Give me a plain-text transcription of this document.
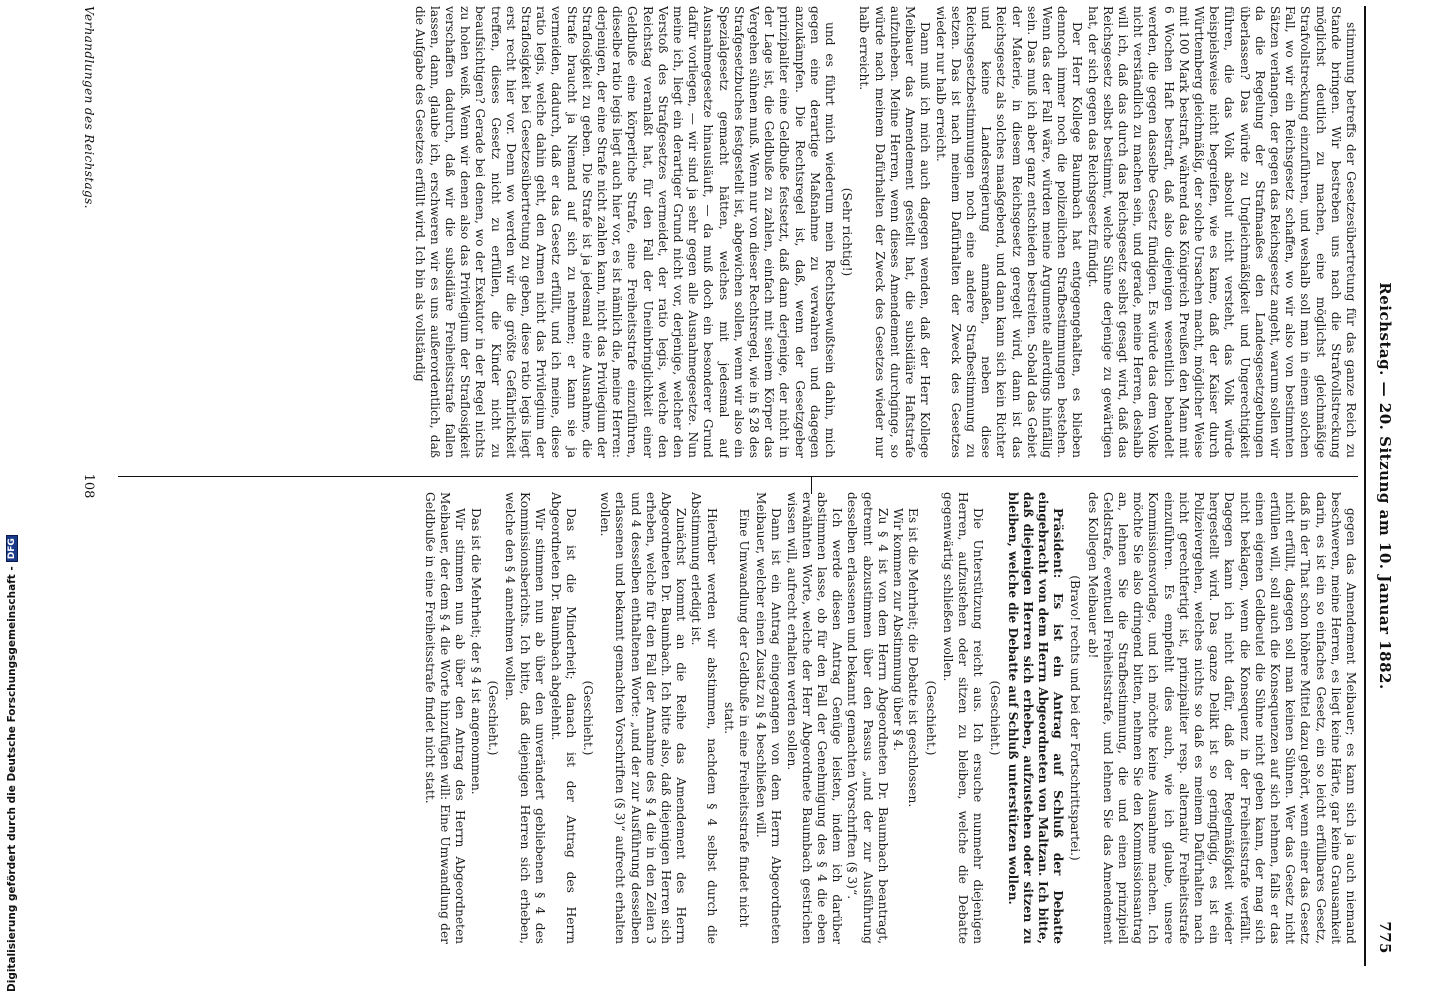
Reichstag. — 20. Sitzung am 10. Januar 1882.
775

stimmung betreffs der Gesetzesübertretung für das ganze Reich zu Stande bringen. Wir bestreben uns nach die Strafvollstreckung möglichst deutlich zu machen, eine möglichst gleichmäßige Strafvollstreckung einzuführen, und weshalb soll man in einem solchen Fall, wo wir ein Reichsgesetz schaffen, wo wir also von bestimmten Sätzen verlangen, der gegen das Reichsgesetz angeht, warum sollen wir da die Regelung der Strafmaaßes den Landesgesetzgebungen überlassen? Das würde zu Ungleichmäßigkeit und Ungerechtigkeit führen, die das Volk absolut nicht versteht, das Volk würde beispielsweise nicht begreifen, wie es kame, daß der Kaiser durch Württemberg gleichmäßig, der solche Ursachen macht, möglicher Weise mit 100 Mark bestraft, während das Königreich Preußen den Mann mit 6 Wochen Haft bestraft, daß also diejenigen wesentlich behandelt werden, die gegen dasselbe Gesetz fündigen. Es würde das dem Volke nicht verständlich zu machen sein, und gerade, meine Herren, deshalb will ich, daß das durch das Reichsgesetz selbst gesagt wird, daß das Reichsgesetz selbst bestimmt, welche Sühne derjenige zu gewärtigen hat, der sich gegen das Reichsgesetz fündigt.

Der Herr Kollege Baumbach hat entgegengehalten, es blieben dennoch immer noch die polizeilichen Strafbestimmungen bestehen. Wenn das der Fall wäre, würden meine Argumente allerdings hinfällig sein. Das muß ich aber ganz entschieden bestreiten. Sobald das Gebiet der Materie, in diesem Reichsgesetz geregelt wird, dann ist das Reichsgesetz als solches maaßgebend, und dann kann sich kein Richter und keine Landesregierung anmaßen, neben diese Reichsgesetzbestimmungen noch eine andere Strafbestimmung zu setzen. Das ist nach meinem Dafürhalten der Zweck des Gesetzes wieder nur halb erreicht.

Dann muß ich mich auch dagegen wenden, daß der Herr Kollege Meibauer das Amendement gestellt hat, die subsidiäre Haftstrafe aufzuheben. Meine Herren, wenn dieses Amendement durchginge, so würde nach meinem Dafürhalten der Zweck des Gesetzes wieder nur halb erreicht.

(Sehr richtig!)

und es führt mich wiederum mein Rechtsbewußtsein dahin, mich gegen eine derartige Maßnahme zu verwahren und dagegen anzukämpfen. Die Rechtsregel ist, daß, wenn der Gesetzgeber prinzipaliter eine Geldbuße festsetzt, daß dann derjenige, der nicht in der Lage ist, die Geldbuße zu zahlen, einfach mit seinem Körper das Vergehen sühnen muß. Wenn nur von dieser Rechtsregel, wie in § 28 des Strafgesetzbuches festgestellt ist, abgewichen sollen, wenn wir also ein Spezialgesetz gemacht hätten, welches mit jedesmal auf Ausnahmegesetze hinausläuft, — da muß doch ein besonderer Grund dafür vorliegen, — wir sind ja sehr gegen alle Ausnahmegesetze. Nun meine ich, liegt ein derartiger Grund nicht vor, derjenige, welcher den Verstoß des Strafgesetzes vermeidet, der ratio legis, welche den Reichstag veranlaßt hat, für den Fall der Uneinbringlichkeit einer Geldbuße eine körperliche Strafe, eine Freiheitsstrafe einzuführen, dieselbe ratio legis liegt auch hier vor, es ist nämlich die, meine Herren: derjenigen, der eine Strafe nicht zahlen kann, nicht das Privilegium der Straflosigkeit zu geben. Die Strafe ist ja jedesmal eine Ausnahme, die Strafe braucht ja Niemand auf sich zu nehmen; er kann sie ja vermeiden, dadurch, daß er das Gesetz erfüllt, und ich meine, diese ratio legis, welche dahin geht, den Armen nicht das Privilegium der Straflosigkeit bei Gesetzesübertretung zu geben, diese ratio legis liegt erst recht hier vor. Denn wo werden wir die größte Gefährlichkeit treffen, dieses Gesetz nicht zu erfüllen, die Kinder nicht zu beaufsichtigen? Gerade bei denen, wo der Exekutor in der Regel nichts zu holen weiß. Wenn wir denen also das Privilegium der Straflosigkeit verschaffen dadurch, daß wir die subsidiäre Freiheitsstrafe fallen lassen, dann, glaube ich, erschweren wir es uns außerordentlich, daß die Aufgabe des Gesetzes erfüllt wird. Ich bin als vollständig

gegen das Amendement Meibauer; es kann sich ja auch niemand beschweren, meine Herren, es liegt keine Härte, gar keine Grausamkeit darin, es ist ein so einfaches Gesetz, ein so leicht erfüllbares Gesetz, daß in der That schon höhere Mittel dazu gehört, wenn einer das Gesetz nicht erfüllt, dagegen soll man keinen Sühnen. Wer das Gesetz nicht erfüllen will, soll auch die Konsequenzen auf sich nehmen, falls er das einen eigenen Geldbeutel die Sühne nicht geben kann, der mag sich nicht beklagen, wenn die Konsequenz in der Freiheitsstrafe verfällt. Dagegen kann ich nicht dafür, daß der Regelmäßigkeit wieder hergestellt wird. Das ganze Delikt ist so geringfügig, es ist ein Polizeivergehen, welches nichts so daß es meinem Dafürhalten nach nicht gerechtfertigt ist, prinzipaliter resp. alternativ Freiheitsstrafe einzuführen. Es empfiehlt dies auch, wie ich glaube, unsere Kommissionsvorlage, und ich möchte keine Ausnahme machen. Ich möchte Sie also dringend bitten, nehmen Sie den Kommissionsantrag an, lehnen Sie die Strafbestimmung, die und einen prinzipiell Geldstrafe, eventuell Freiheitsstrafe, und lehnen Sie das Amendement des Kollegen Meibauer ab!

(Bravo! rechts und bei der Fortschrittspartei.)

Präsident: Es ist ein Antrag auf Schluß der Debatte eingebracht von dem Herrn Abgeordneten von Maltzan. Ich bitte, daß diejenigen Herren sich erheben, aufzustehen oder sitzen zu bleiben, welche die Debatte auf Schluß unterstützen wollen.

(Geschieht.)

Die Unterstützung reicht aus. Ich ersuche nunmehr diejenigen Herren, aufzustehen oder sitzen zu bleiben, welche die Debatte gegenwärtig schließen wollen.

(Geschieht.)

Es ist die Mehrheit; die Debatte ist geschlossen.

Wir kommen zur Abstimmung über § 4.

Zu § 4 ist von dem Herrn Abgeordneten Dr. Baumbach beantragt, getrennt abzustimmen über den Passus „und der zur Ausführung desselben erlassenen und bekannt gemachten Vorschriften (§ 3)“.

Ich werde diesen Antrag Genüge leisten, indem ich darüber abstimmen lasse, ob für den Fall der Genehmigung des § 4 die eben erwähnten Worte, welche der Herr Abgeordnete Baumbach gestrichen wissen will, aufrecht erhalten werden sollen.

Dann ist ein Antrag eingegangen von dem Herrn Abgeordneten Meibauer, welcher einen Zusatz zu § 4 beschließen will.

Eine Umwandlung der Geldbuße in eine Freiheitsstrafe findet nicht statt.

Hierüber werden wir abstimmen, nachdem § 4 selbst durch die Abstimmung erledigt ist.

Zunächst kommt an die Reihe das Amendement des Herrn Abgeordneten Dr. Baumbach. Ich bitte also, daß diejenigen Herren sich erheben, welche für den Fall der Annahme des § 4 die in den Zeilen 3 und 4 desselben enthaltenen Worte: „und der zur Ausführung desselben erlassenen und bekannt gemachten Vorschriften (§ 3)“ aufrecht erhalten wollen.

(Geschieht.)

Das ist die Minderheit; danach ist der Antrag des Herrn Abgeordneten Dr. Baumbach abgelehnt.

Wir stimmen nun ab über den unverändert gebliebenen § 4 des Kommissionsberichts. Ich bitte, daß diejenigen Herren sich erheben, welche den § 4 annehmen wollen.

(Geschieht.)

Das ist die Mehrheit; der § 4 ist angenommen.

Wir stimmen nun ab über den Antrag des Herrn Abgeordneten Meibauer, der dem § 4 die Worte hinzufügen will: Eine Umwandlung der Geldbuße in eine Freiheitsstrafe findet nicht statt.

Verhandlungen des Reichstags.
108
Digitalisierung gefördert durch die Deutsche Forschungsgemeinschaft -
DFG
